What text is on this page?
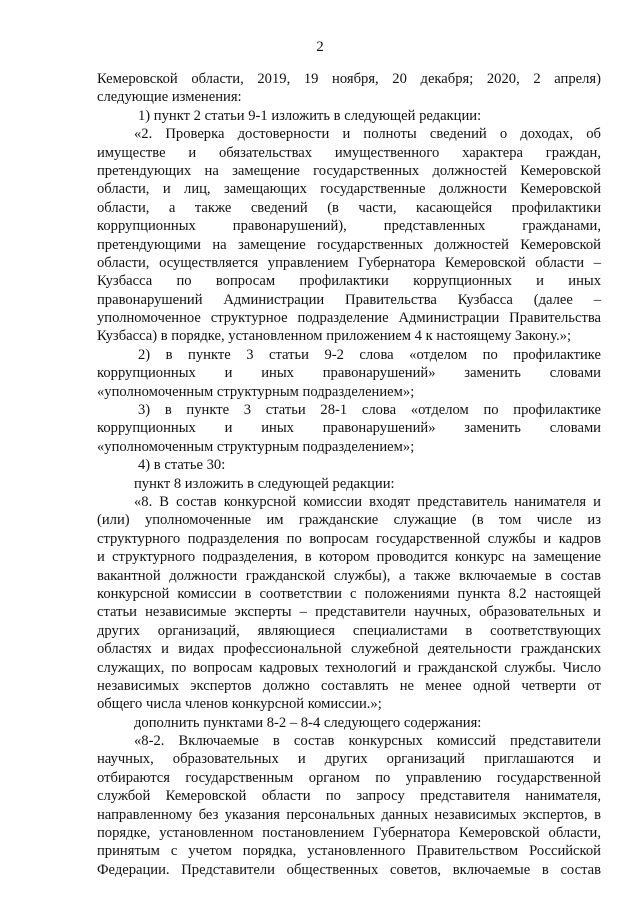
2
Кемеровской области, 2019, 19 ноября, 20 декабря; 2020, 2 апреля)
следующие изменения:
1) пункт 2 статьи 9-1 изложить в следующей редакции:
«2. Проверка достоверности и полноты сведений о доходах, об
имуществе и обязательствах имущественного характера граждан,
претендующих на замещение государственных должностей Кемеровской
области, и лиц, замещающих государственные должности Кемеровской
области, а также сведений (в части, касающейся профилактики
коррупционных правонарушений), представленных гражданами,
претендующими на замещение государственных должностей Кемеровской
области, осуществляется управлением Губернатора Кемеровской области –
Кузбасса по вопросам профилактики коррупционных и иных
правонарушений Администрации Правительства Кузбасса (далее –
уполномоченное структурное подразделение Администрации Правительства
Кузбасса) в порядке, установленном приложением 4 к настоящему Закону.»;
2) в пункте 3 статьи 9-2 слова «отделом по профилактике
коррупционных и иных правонарушений» заменить словами
«уполномоченным структурным подразделением»;
3) в пункте 3 статьи 28-1 слова «отделом по профилактике
коррупционных и иных правонарушений» заменить словами
«уполномоченным структурным подразделением»;
4) в статье 30:
пункт 8 изложить в следующей редакции:
«8. В состав конкурсной комиссии входят представитель нанимателя и
(или) уполномоченные им гражданские служащие (в том числе из
структурного подразделения по вопросам государственной службы и кадров
и структурного подразделения, в котором проводится конкурс на замещение
вакантной должности гражданской службы), а также включаемые в состав
конкурсной комиссии в соответствии с положениями пункта 8.2 настоящей
статьи независимые эксперты – представители научных, образовательных и
других организаций, являющиеся специалистами в соответствующих
областях и видах профессиональной служебной деятельности гражданских
служащих, по вопросам кадровых технологий и гражданской службы. Число
независимых экспертов должно составлять не менее одной четверти от
общего числа членов конкурсной комиссии.»;
дополнить пунктами 8-2 – 8-4 следующего содержания:
«8-2. Включаемые в состав конкурсных комиссий представители
научных, образовательных и других организаций приглашаются и
отбираются государственным органом по управлению государственной
службой Кемеровской области по запросу представителя нанимателя,
направленному без указания персональных данных независимых экспертов, в
порядке, установленном постановлением Губернатора Кемеровской области,
принятым с учетом порядка, установленного Правительством Российской
Федерации. Представители общественных советов, включаемые в состав
